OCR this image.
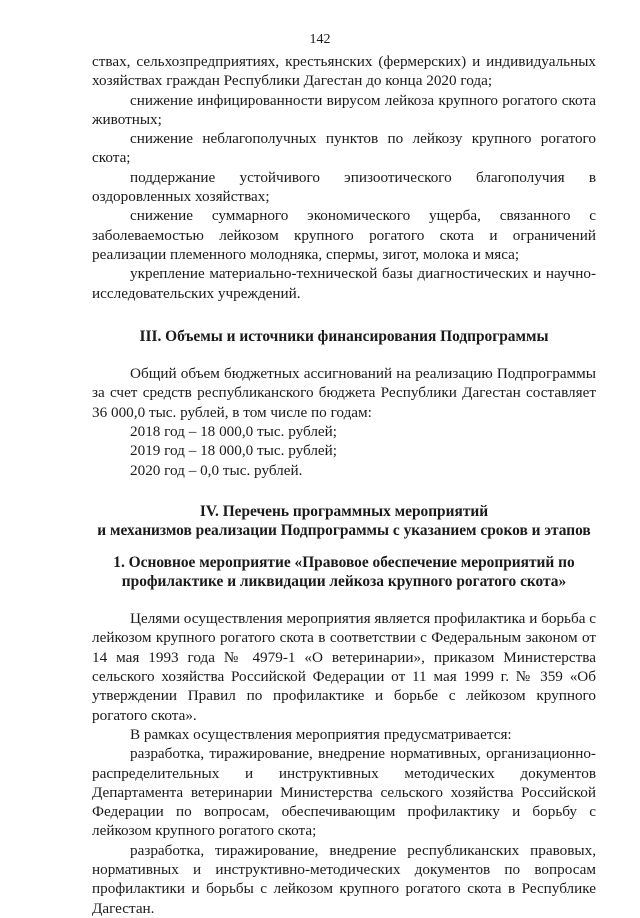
142

ствах, сельхозпредприятиях, крестьянских (фермерских) и индивидуальных хозяйствах граждан Республики Дагестан до конца 2020 года;

снижение инфицированности вирусом лейкоза крупного рогатого скота животных;

снижение неблагополучных пунктов по лейкозу крупного рогатого скота;

поддержание устойчивого эпизоотического благополучия в оздоровленных хозяйствах;

снижение суммарного экономического ущерба, связанного с заболеваемостью лейкозом крупного рогатого скота и ограничений реализации племенного молодняка, спермы, зигот, молока и мяса;

укрепление материально-технической базы диагностических и научно-исследовательских учреждений.

III. Объемы и источники финансирования Подпрограммы

Общий объем бюджетных ассигнований на реализацию Подпрограммы за счет средств республиканского бюджета Республики Дагестан составляет 36 000,0 тыс. рублей, в том числе по годам:

2018 год – 18 000,0 тыс. рублей;

2019 год – 18 000,0 тыс. рублей;

2020 год – 0,0 тыс. рублей.

IV. Перечень программных мероприятий
и механизмов реализации Подпрограммы с указанием сроков и этапов

1. Основное мероприятие «Правовое обеспечение мероприятий по профилактике и ликвидации лейкоза крупного рогатого скота»

Целями осуществления мероприятия является профилактика и борьба с лейкозом крупного рогатого скота в соответствии с Федеральным законом от 14 мая 1993 года № 4979-1 «О ветеринарии», приказом Министерства сельского хозяйства Российской Федерации от 11 мая 1999 г. № 359 «Об утверждении Правил по профилактике и борьбе с лейкозом крупного рогатого скота».

В рамках осуществления мероприятия предусматривается:

разработка, тиражирование, внедрение нормативных, организационно-распределительных и инструктивных методических документов Департамента ветеринарии Министерства сельского хозяйства Российской Федерации по вопросам, обеспечивающим профилактику и борьбу с лейкозом крупного рогатого скота;

разработка, тиражирование, внедрение республиканских правовых, нормативных и инструктивно-методических документов по вопросам профилактики и борьбы с лейкозом крупного рогатого скота в Республике Дагестан.
